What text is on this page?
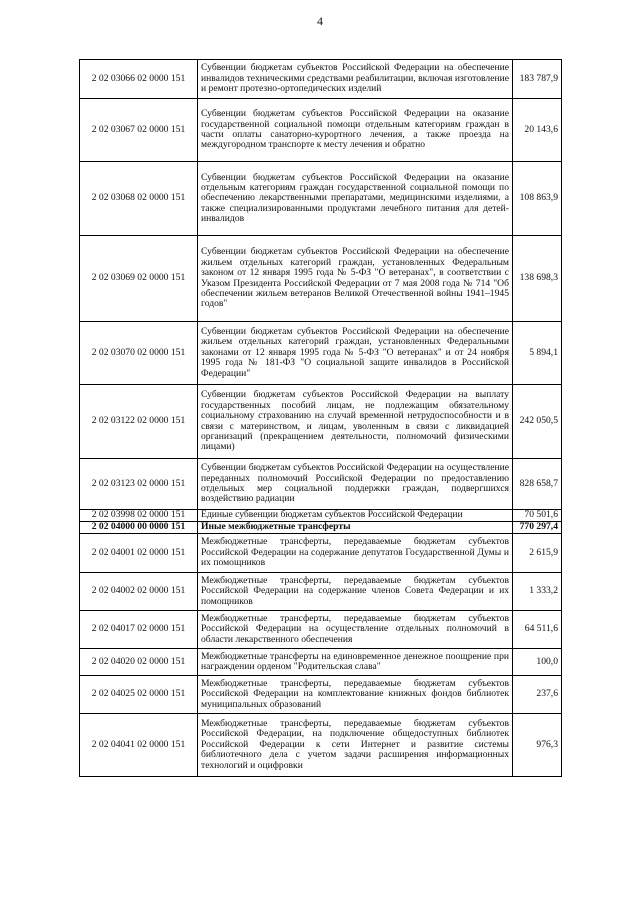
4
2 02 03066 02 0000 151	Субвенции бюджетам субъектов Российской Федерации на обеспечение инвалидов техническими средствами реабилитации, включая изготовление и ремонт протезно-ортопедических изделий	183 787,9
2 02 03067 02 0000 151	Субвенции бюджетам субъектов Российской Федерации на оказание государственной социальной помощи отдельным категориям граждан в части оплаты санаторно-курортного лечения, а также проезда на междугородном транспорте к месту лечения и обратно	20 143,6
2 02 03068 02 0000 151	Субвенции бюджетам субъектов Российской Федерации на оказание отдельным категориям граждан государственной социальной помощи по обеспечению лекарственными препаратами, медицинскими изделиями, а также специализированными продуктами лечебного питания для детей-инвалидов	108 863,9
2 02 03069 02 0000 151	Субвенции бюджетам субъектов Российской Федерации на обеспечение жильем отдельных категорий граждан, установленных Федеральным законом от 12 января 1995 года № 5-ФЗ "О ветеранах", в соответствии с Указом Президента Российской Федерации от 7 мая 2008 года № 714 "Об обеспечении жильем ветеранов Великой Отечественной войны 1941–1945 годов"	138 698,3
2 02 03070 02 0000 151	Субвенции бюджетам субъектов Российской Федерации на обеспечение жильем отдельных категорий граждан, установленных Федеральными законами от 12 января 1995 года № 5-ФЗ "О ветеранах" и от 24 ноября 1995 года № 181-ФЗ "О социальной защите инвалидов в Российской Федерации"	5 894,1
2 02 03122 02 0000 151	Субвенции бюджетам субъектов Российской Федерации на выплату государственных пособий лицам, не подлежащим обязательному социальному страхованию на случай временной нетрудоспособности и в связи с материнством, и лицам, уволенным в связи с ликвидацией организаций (прекращением деятельности, полномочий физическими лицами)	242 050,5
2 02 03123 02 0000 151	Субвенции бюджетам субъектов Российской Федерации на осуществление переданных полномочий Российской Федерации по предоставлению отдельных мер социальной поддержки граждан, подвергшихся воздействию радиации	828 658,7
2 02 03998 02 0000 151	Единые субвенции бюджетам субъектов Российской Федерации	70 501,6
2 02 04000 00 0000 151	Иные межбюджетные трансферты	770 297,4
2 02 04001 02 0000 151	Межбюджетные трансферты, передаваемые бюджетам субъектов Российской Федерации на содержание депутатов Государственной Думы и их помощников	2 615,9
2 02 04002 02 0000 151	Межбюджетные трансферты, передаваемые бюджетам субъектов Российской Федерации на содержание членов Совета Федерации и их помощников	1 333,2
2 02 04017 02 0000 151	Межбюджетные трансферты, передаваемые бюджетам субъектов Российской Федерации на осуществление отдельных полномочий в области лекарственного обеспечения	64 511,6
2 02 04020 02 0000 151	Межбюджетные трансферты на единовременное денежное поощрение при награждении орденом "Родительская слава"	100,0
2 02 04025 02 0000 151	Межбюджетные трансферты, передаваемые бюджетам субъектов Российской Федерации на комплектование книжных фондов библиотек муниципальных образований	237,6
2 02 04041 02 0000 151	Межбюджетные трансферты, передаваемые бюджетам субъектов Российской Федерации, на подключение общедоступных библиотек Российской Федерации к сети Интернет и развитие системы библиотечного дела с учетом задачи расширения информационных технологий и оцифровки	976,3
